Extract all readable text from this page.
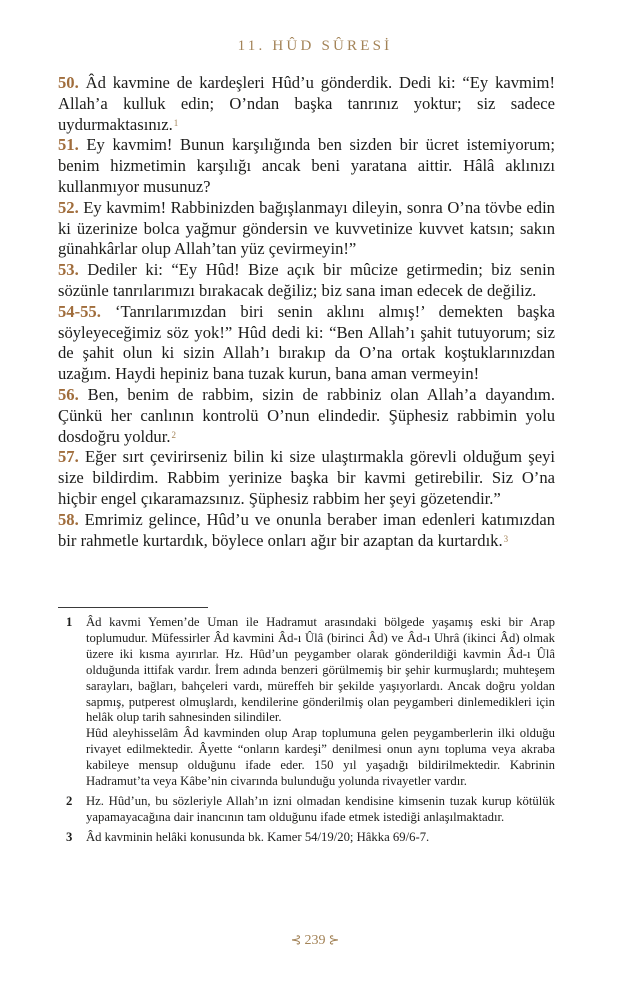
11. HÛD SÛRESİ

50. Âd kavmine de kardeşleri Hûd’u gönderdik. Dedi ki: “Ey kavmim! Allah’a kulluk edin; O’ndan başka tanrınız yoktur; siz sadece uydurmaktasınız.$^1$

51. Ey kavmim! Bunun karşılığında ben sizden bir ücret istemiyorum; benim hizmetimin karşılığı ancak beni yaratana aittir. Hâlâ aklınızı kullanmıyor musunuz?

52. Ey kavmim! Rabbinizden bağışlanmayı dileyin, sonra O’na tövbe edin ki üzerinize bolca yağmur göndersin ve kuvvetinize kuvvet katsın; sakın günahkârlar olup Allah’tan yüz çevirmeyin!”

53. Dediler ki: “Ey Hûd! Bize açık bir mûcize getirmedin; biz senin sözünle tanrılarımızı bırakacak değiliz; biz sana iman edecek de değiliz.

54-55. ‘Tanrılarımızdan biri senin aklını almış!’ demekten başka söyleyeceğimiz söz yok!” Hûd dedi ki: “Ben Allah’ı şahit tutuyorum; siz de şahit olun ki sizin Allah’ı bırakıp da O’na ortak koştuklarınızdan uzağım. Haydi hepiniz bana tuzak kurun, bana aman vermeyin!

56. Ben, benim de rabbim, sizin de rabbiniz olan Allah’a dayandım. Çünkü her canlının kontrolü O’nun elindedir. Şüphesiz rabbimin yolu dosdoğru yoldur.$^2$

57. Eğer sırt çevirirseniz bilin ki size ulaştırmakla görevli olduğum şeyi size bildirdim. Rabbim yerinize başka bir kavmi getirebilir. Siz O’na hiçbir engel çıkaramazsınız. Şüphesiz rabbim her şeyi gözetendir.”

58. Emrimiz gelince, Hûd’u ve onunla beraber iman edenleri katımızdan bir rahmetle kurtardık, böylece onları ağır bir azaptan da kurtardık.$^3$

1	Âd kavmi Yemen’de Uman ile Hadramut arasındaki bölgede yaşamış eski bir Arap toplumudur. Müfessirler Âd kavmini Âd-ı Ûlâ (birinci Âd) ve Âd-ı Uhrâ (ikinci Âd) olmak üzere iki kısma ayırırlar. Hz. Hûd’un peygamber olarak gönderildiği kavmin Âd-ı Ûlâ olduğunda ittifak vardır. İrem adında benzeri görülmemiş bir şehir kurmuşlardı; muhteşem sarayları, bağları, bahçeleri vardı, müreffeh bir şekilde yaşıyorlardı. Ancak doğru yoldan sapmış, putperest olmuşlardı, kendilerine gönderilmiş olan peygamberi dinlemedikleri için helâk olup tarih sahnesinden silindiler.

Hûd aleyhisselâm Âd kavminden olup Arap toplumuna gelen peygamberlerin ilki olduğu rivayet edilmektedir. Âyette “onların kardeşi” denilmesi onun aynı topluma veya akraba kabileye mensup olduğunu ifade eder. 150 yıl yaşadığı bildirilmektedir. Kabrinin Hadramut’ta veya Kâbe’nin civarında bulunduğu yolunda rivayetler vardır.

2	Hz. Hûd’un, bu sözleriyle Allah’ın izni olmadan kendisine kimsenin tuzak kurup kötülük yapamayacağına dair inancının tam olduğunu ifade etmek istediği anlaşılmaktadır.

3	Âd kavminin helâki konusunda bk. Kamer 54/19/20; Hâkka 69/6-7.

⊰ 239 ⊱
